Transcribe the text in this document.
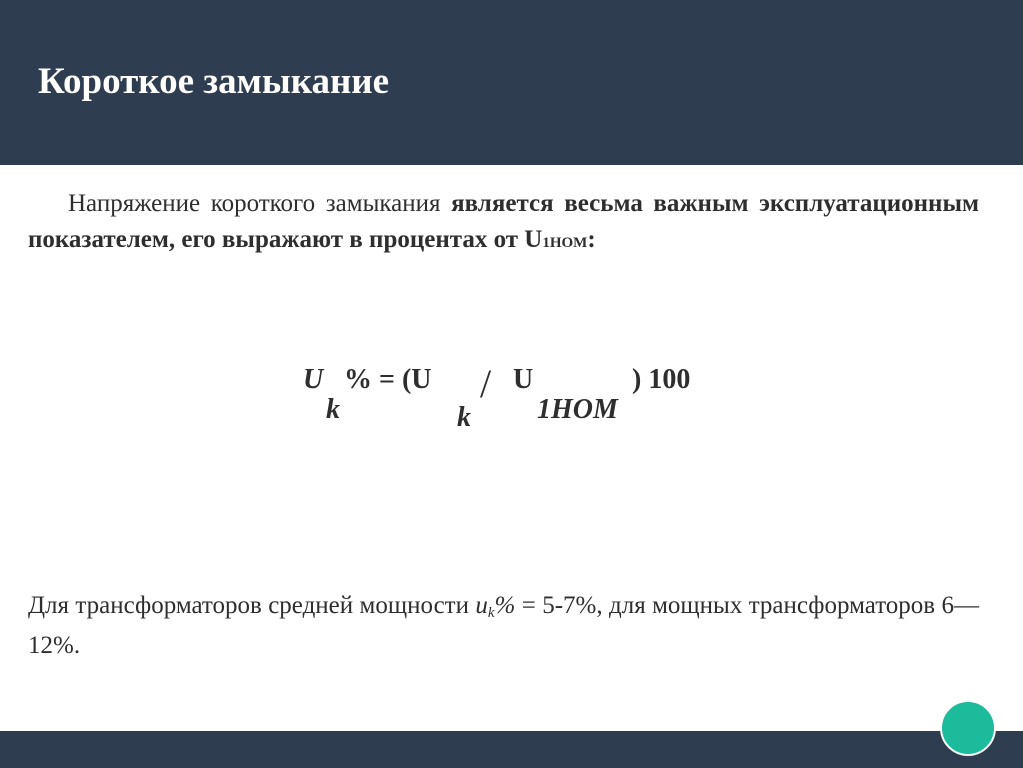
Короткое замыкание
Напряжение короткого замыкания является весьма важным эксплуатационным показателем, его выражают в процентах от U1НОМ:
U
k
% = (U
k
/ U
1НОМ
) 100
Для трансформаторов средней мощности $u_k\% = 5-7\%$, для мощных трансформаторов 6—12%.
